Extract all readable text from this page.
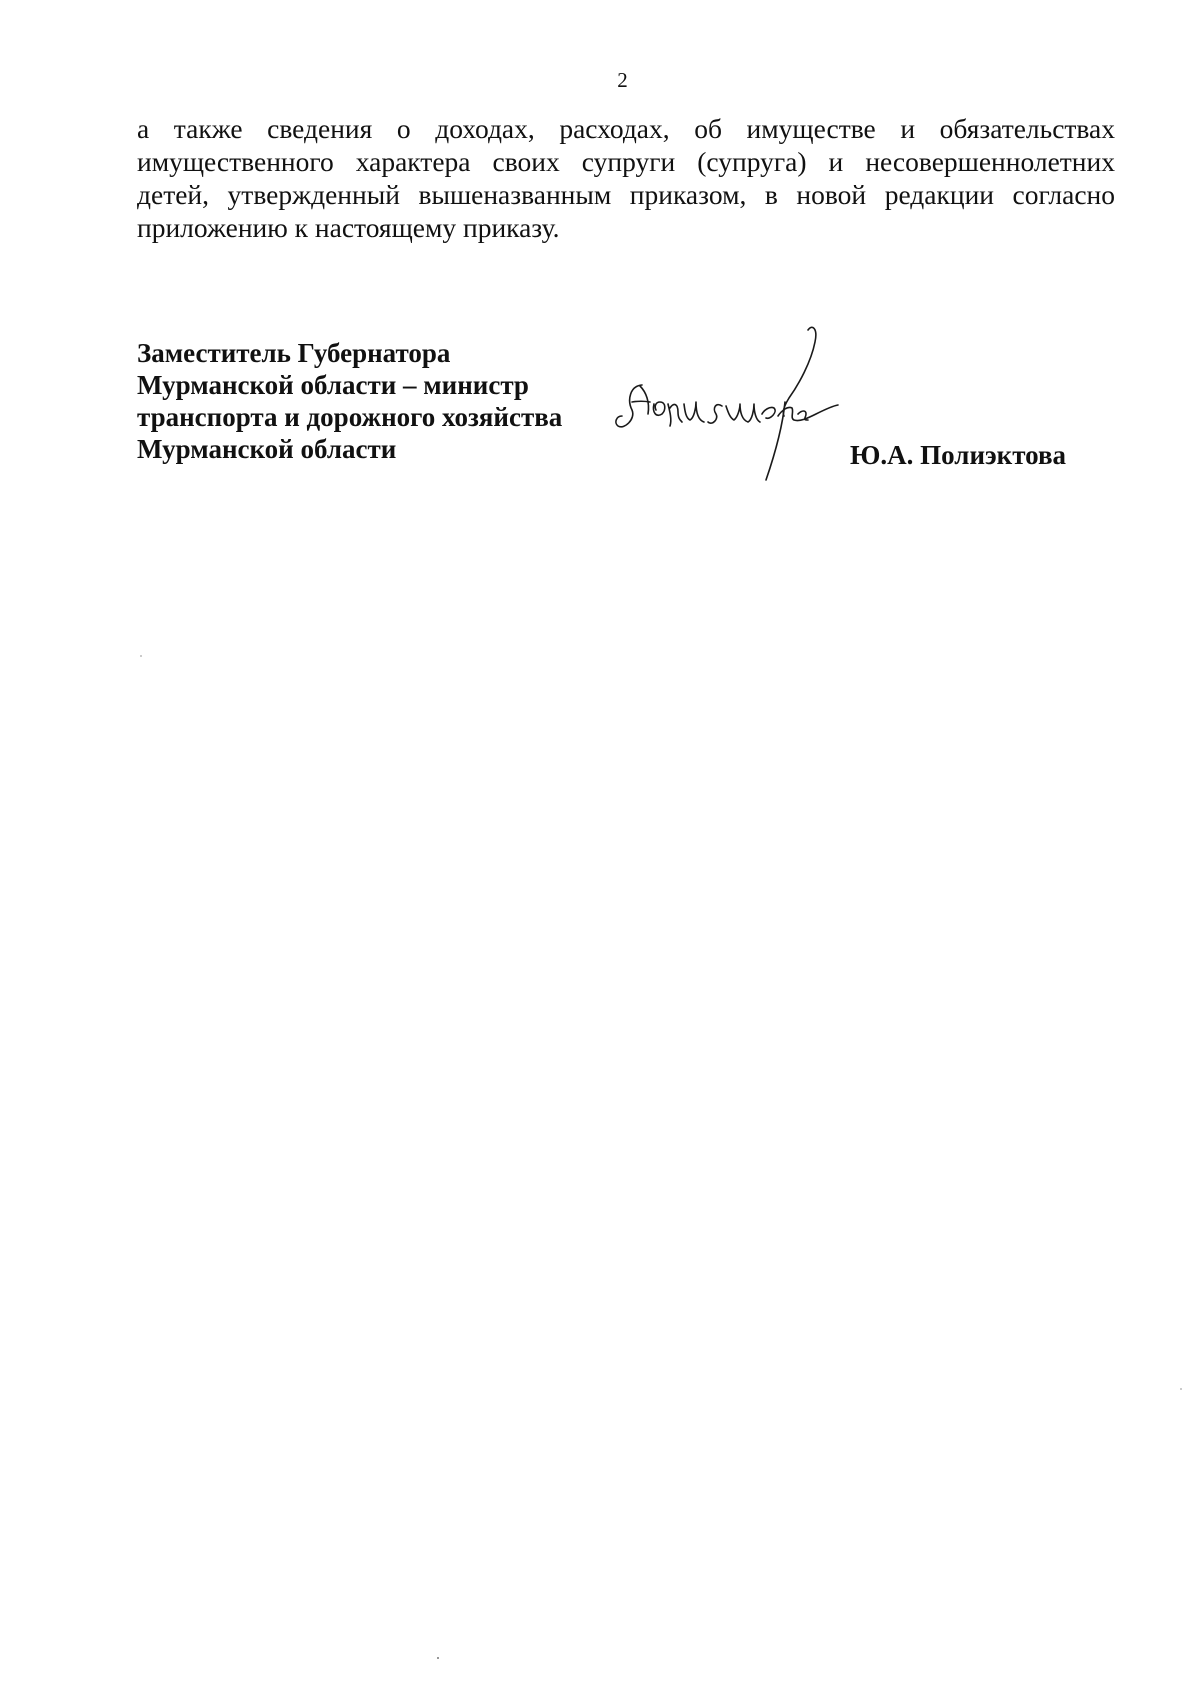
2
а также сведения о доходах, расходах, об имуществе и обязательствах
имущественного характера своих супруги (супруга) и несовершеннолетних
детей, утвержденный вышеназванным приказом, в новой редакции согласно
приложению к настоящему приказу.
Заместитель Губернатора
Мурманской области – министр
транспорта и дорожного хозяйства
Мурманской области	Ю.А. Полиэктова
